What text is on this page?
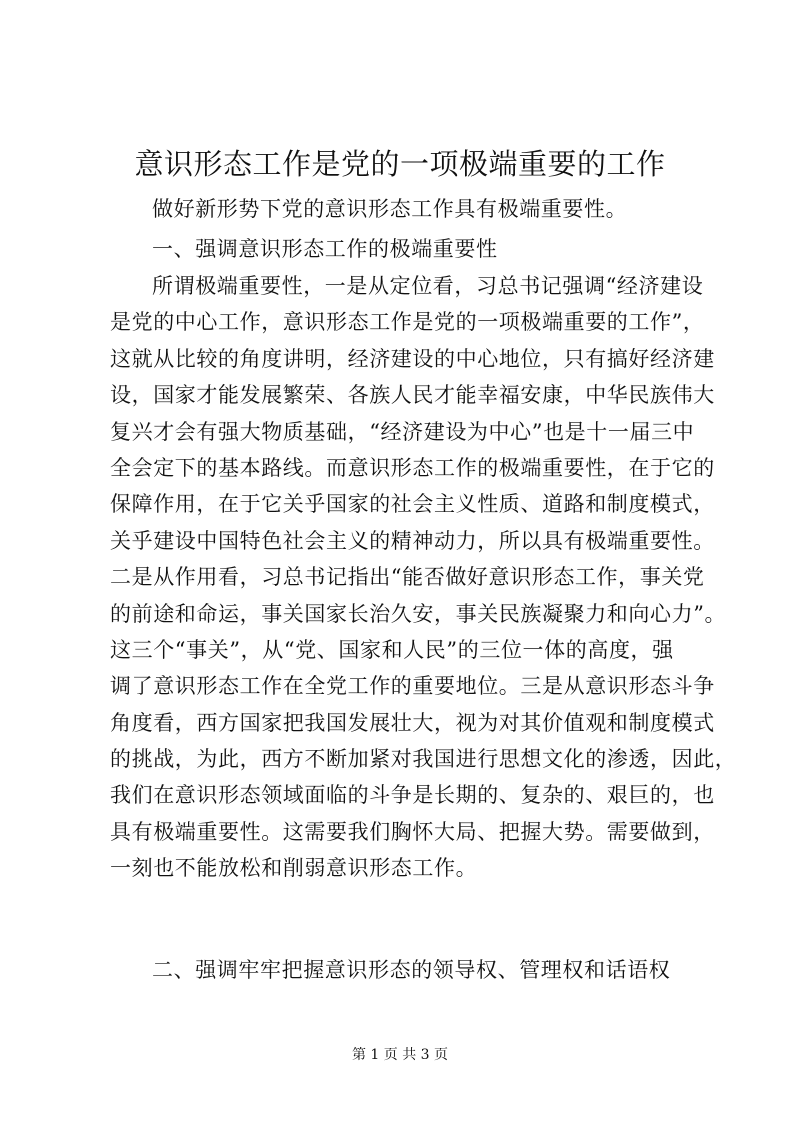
意识形态工作是党的一项极端重要的工作
做好新形势下党的意识形态工作具有极端重要性。
一、强调意识形态工作的极端重要性
所谓极端重要性，一是从定位看，习总书记强调“经济建设
是党的中心工作，意识形态工作是党的一项极端重要的工作”，
这就从比较的角度讲明，经济建设的中心地位，只有搞好经济建
设，国家才能发展繁荣、各族人民才能幸福安康，中华民族伟大
复兴才会有强大物质基础，“经济建设为中心”也是十一届三中
全会定下的基本路线。而意识形态工作的极端重要性，在于它的
保障作用，在于它关乎国家的社会主义性质、道路和制度模式，
关乎建设中国特色社会主义的精神动力，所以具有极端重要性。
二是从作用看，习总书记指出“能否做好意识形态工作，事关党
的前途和命运，事关国家长治久安，事关民族凝聚力和向心力”。
这三个“事关”，从“党、国家和人民”的三位一体的高度，强
调了意识形态工作在全党工作的重要地位。三是从意识形态斗争
角度看，西方国家把我国发展壮大，视为对其价值观和制度模式
的挑战，为此，西方不断加紧对我国进行思想文化的渗透，因此，
我们在意识形态领域面临的斗争是长期的、复杂的、艰巨的，也
具有极端重要性。这需要我们胸怀大局、把握大势。需要做到，
一刻也不能放松和削弱意识形态工作。
二、强调牢牢把握意识形态的领导权、管理权和话语权
第 1 页 共 3 页
